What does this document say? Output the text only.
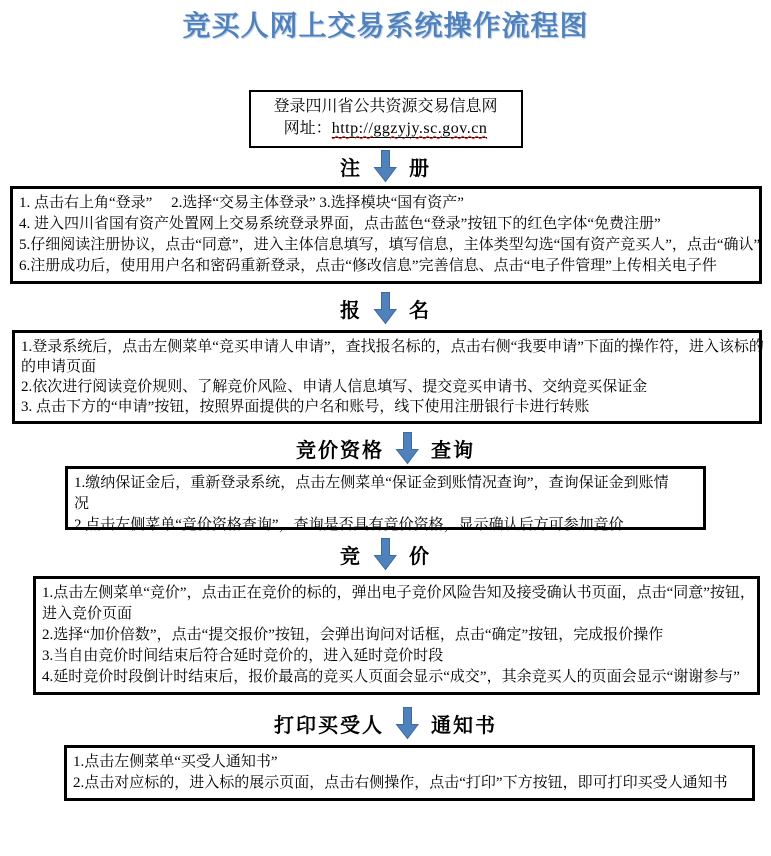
竞买人网上交易系统操作流程图
登录四川省公共资源交易信息网
网址：http://ggzyjy.sc.gov.cn
注 册
1. 点击右上角“登录”　 2.选择“交易主体登录” 3.选择模块“国有资产”
4. 进入四川省国有资产处置网上交易系统登录界面，点击蓝色“登录”按钮下的红色字体“免费注册”
5.仔细阅读注册协议，点击“同意”，进入主体信息填写，填写信息，主体类型勾选“国有资产竞买人”，点击“确认”
6.注册成功后，使用用户名和密码重新登录，点击“修改信息”完善信息、点击“电子件管理”上传相关电子件
报 名
1.登录系统后，点击左侧菜单“竞买申请人申请”，查找报名标的，点击右侧“我要申请”下面的操作符，进入该标的
的申请页面
2.依次进行阅读竞价规则、了解竞价风险、申请人信息填写、提交竞买申请书、交纳竞买保证金
3. 点击下方的“申请”按钮，按照界面提供的户名和账号，线下使用注册银行卡进行转账
竞价资格 查询
1.缴纳保证金后，重新登录系统，点击左侧菜单“保证金到账情况查询”，查询保证金到账情
况
2.点击左侧菜单“竞价资格查询”，查询是否具有竞价资格，显示确认后方可参加竞价
竞 价
1.点击左侧菜单“竞价”，点击正在竞价的标的，弹出电子竞价风险告知及接受确认书页面，点击“同意”按钮，
进入竞价页面
2.选择“加价倍数”，点击“提交报价”按钮，会弹出询问对话框，点击“确定”按钮，完成报价操作
3.当自由竞价时间结束后符合延时竞价的，进入延时竞价时段
4.延时竞价时段倒计时结束后，报价最高的竞买人页面会显示“成交”，其余竞买人的页面会显示“谢谢参与”
打印买受人 通知书
1.点击左侧菜单“买受人通知书”
2.点击对应标的，进入标的展示页面，点击右侧操作，点击“打印”下方按钮，即可打印买受人通知书
